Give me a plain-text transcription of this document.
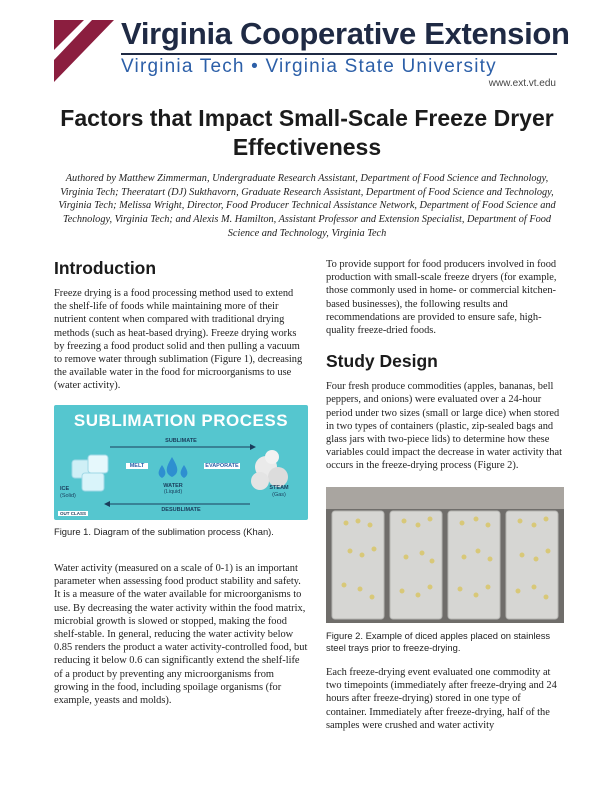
Virginia Cooperative Extension
Virginia Tech • Virginia State University
www.ext.vt.edu
Factors that Impact Small-Scale Freeze Dryer Effectiveness
Authored by Matthew Zimmerman, Undergraduate Research Assistant, Department of Food Science and Technology, Virginia Tech; Theeratart (DJ) Sukthavorn, Graduate Research Assistant, Department of Food Science and Technology, Virginia Tech; Melissa Wright, Director, Food Producer Technical Assistance Network, Department of Food Science and Technology, Virginia Tech; and Alexis M. Hamilton, Assistant Professor and Extension Specialist, Department of Food Science and Technology, Virginia Tech
Introduction

Freeze drying is a food processing method used to extend the shelf-life of foods while maintaining more of their nutrient content when compared with traditional drying methods (such as heat-based drying). Freeze drying works by freezing a food product solid and then pulling a vacuum to remove water through sublimation (Figure 1), decreasing the available water in the food for microorganisms to use (water activity).

SUBLIMATION PROCESS
SUBLIMATE
MELT	EVAPORATE
ICE
(Solid)
WATER
(Liquid)
STEAM
(Gas)
DESUBLIMATE
OUT CLASS
Figure 1. Diagram of the sublimation process (Khan).

Water activity (measured on a scale of 0-1) is an important parameter when assessing food product stability and safety. It is a measure of the water available for microorganisms to use. By decreasing the water activity within the food matrix, microbial growth is slowed or stopped, making the food shelf-stable. In general, reducing the water activity below 0.85 renders the product a water activity-controlled food, but reducing it below 0.6 can significantly extend the shelf-life of a product by preventing any microorganisms from growing in the food, including spoilage organisms (for example, yeasts and molds).

To provide support for food producers involved in food production with small-scale freeze dryers (for example, those commonly used in home- or commercial kitchen-based businesses), the following results and recommendations are provided to ensure safe, high-quality freeze-dried foods.

Study Design

Four fresh produce commodities (apples, bananas, bell peppers, and onions) were evaluated over a 24-hour period under two sizes (small or large dice) when stored in two types of containers (plastic, zip-sealed bags and glass jars with two-piece lids) to determine how these variables could impact the decrease in water activity that occurs in the freeze-drying process (Figure 2).

Figure 2. Example of diced apples placed on stainless steel trays prior to freeze-drying.

Each freeze-drying event evaluated one commodity at two timepoints (immediately after freeze-drying and 24 hours after freeze-drying) stored in one type of container. Immediately after freeze-drying, half of the samples were crushed and water activity
